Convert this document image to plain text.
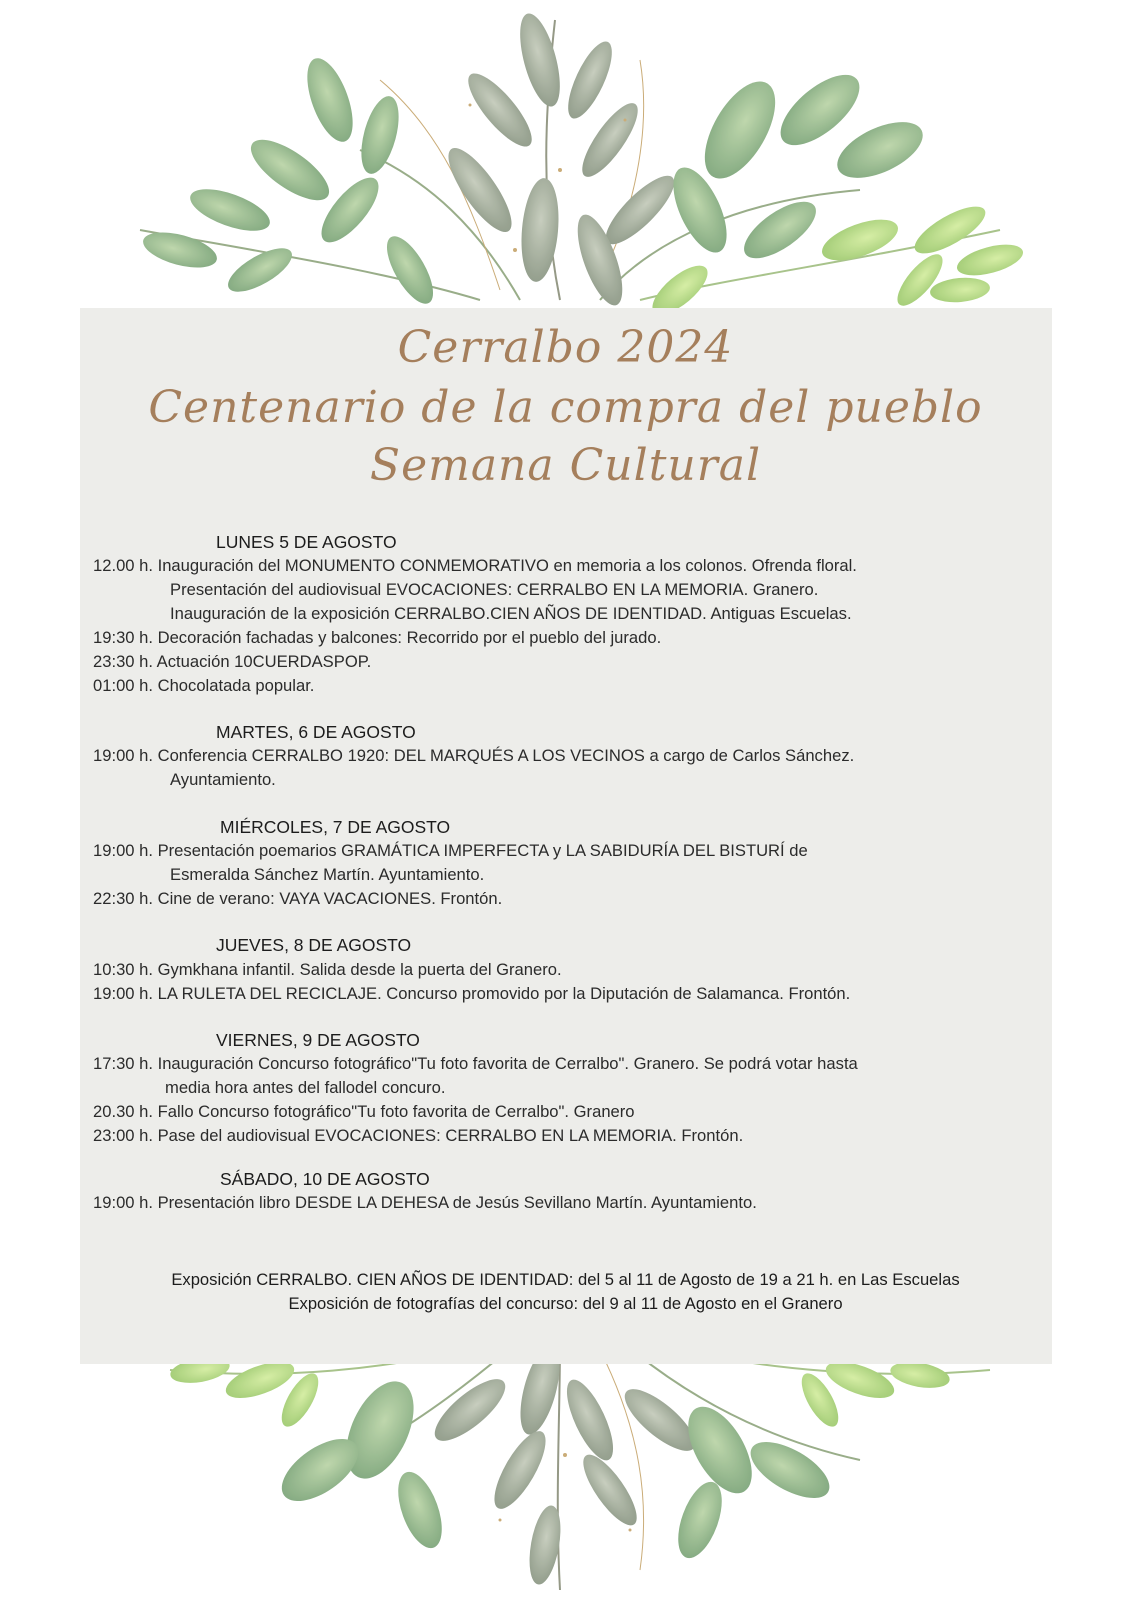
Cerralbo 2024
Centenario de la compra del pueblo
Semana Cultural
LUNES 5 DE AGOSTO
12.00 h. Inauguración del MONUMENTO CONMEMORATIVO en memoria a los colonos. Ofrenda floral.
Presentación del audiovisual EVOCACIONES: CERRALBO EN LA MEMORIA. Granero.
Inauguración de la exposición CERRALBO.CIEN AÑOS DE IDENTIDAD. Antiguas Escuelas.
19:30 h. Decoración fachadas y balcones: Recorrido por el pueblo del jurado.
23:30 h. Actuación 10CUERDASPOP.
01:00 h. Chocolatada popular.
MARTES, 6 DE AGOSTO
19:00 h. Conferencia CERRALBO 1920: DEL MARQUÉS A LOS VECINOS a cargo de Carlos Sánchez.
Ayuntamiento.
MIÉRCOLES, 7 DE AGOSTO
19:00 h. Presentación poemarios GRAMÁTICA IMPERFECTA y LA SABIDURÍA DEL BISTURÍ de
Esmeralda Sánchez Martín. Ayuntamiento.
22:30 h. Cine de verano: VAYA VACACIONES. Frontón.
JUEVES, 8 DE AGOSTO
10:30 h. Gymkhana infantil. Salida desde la puerta del Granero.
19:00 h. LA RULETA DEL RECICLAJE. Concurso promovido por la Diputación de Salamanca. Frontón.
VIERNES, 9 DE AGOSTO
17:30 h. Inauguración Concurso fotográfico"Tu foto favorita de Cerralbo". Granero. Se podrá votar hasta
media hora antes del fallodel concuro.
20.30 h. Fallo Concurso fotográfico"Tu foto favorita de Cerralbo". Granero
23:00 h. Pase del audiovisual EVOCACIONES: CERRALBO EN LA MEMORIA. Frontón.
SÁBADO, 10 DE AGOSTO
19:00 h. Presentación libro DESDE LA DEHESA de Jesús Sevillano Martín. Ayuntamiento.
Exposición CERRALBO. CIEN AÑOS DE IDENTIDAD: del 5 al 11 de Agosto de 19 a 21 h. en Las Escuelas
Exposición de fotografías del concurso: del 9 al 11 de Agosto en el Granero
